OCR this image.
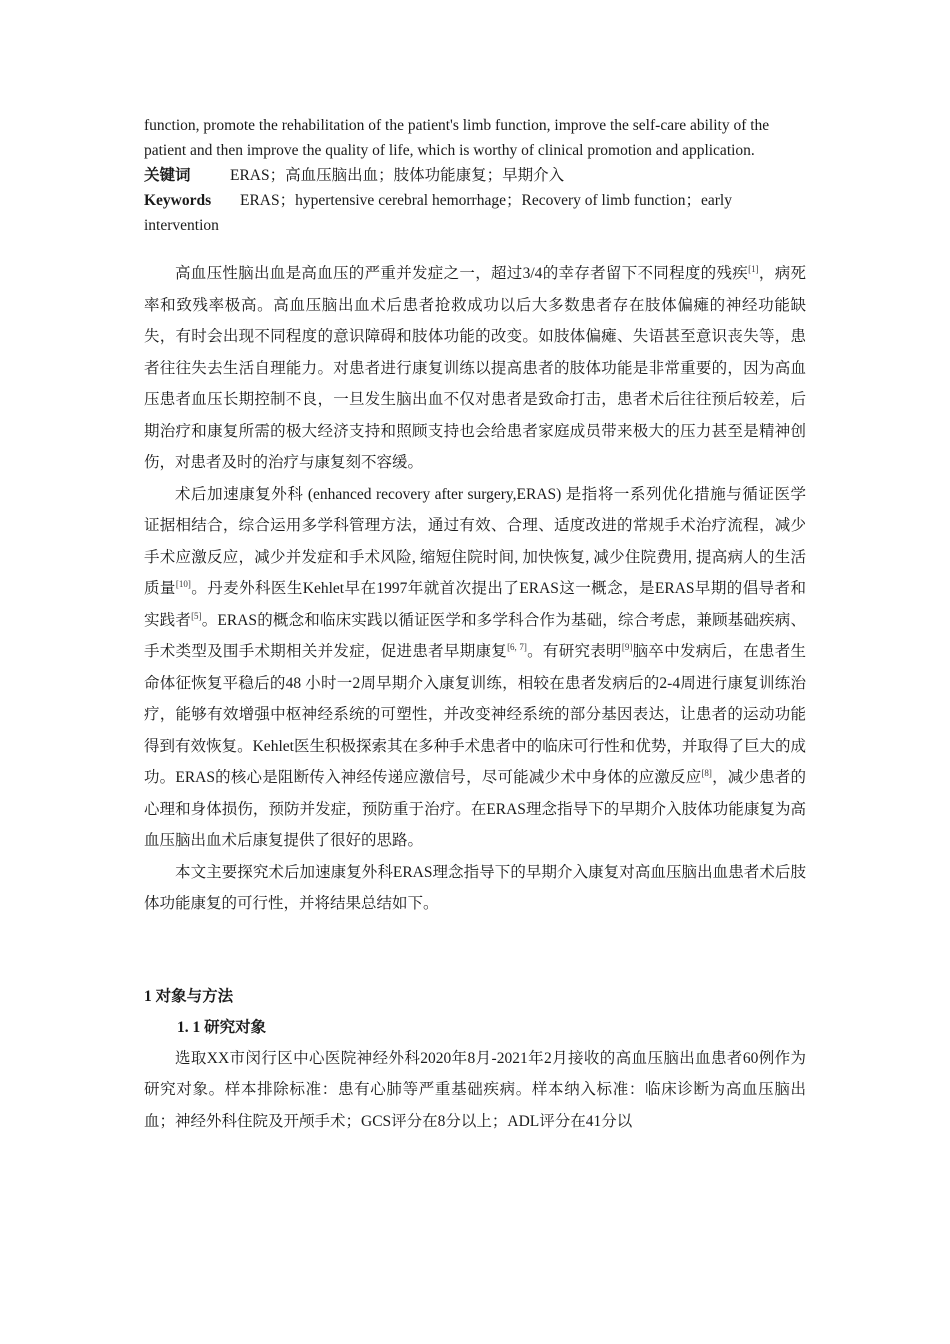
function, promote the rehabilitation of the patient's limb function, improve the self-care ability of the patient and then improve the quality of life, which is worthy of clinical promotion and application.

关键词	ERAS；高血压脑出血；肢体功能康复；早期介入

Keywords ERAS；hypertensive cerebral hemorrhage；Recovery of limb function；early intervention

高血压性脑出血是高血压的严重并发症之一，超过3/4的幸存者留下不同程度的残疾[1]，病死率和致残率极高。高血压脑出血术后患者抢救成功以后大多数患者存在肢体偏瘫的神经功能缺失，有时会出现不同程度的意识障碍和肢体功能的改变。如肢体偏瘫、失语甚至意识丧失等，患者往往失去生活自理能力。对患者进行康复训练以提高患者的肢体功能是非常重要的，因为高血压患者血压长期控制不良，一旦发生脑出血不仅对患者是致命打击，患者术后往往预后较差，后期治疗和康复所需的极大经济支持和照顾支持也会给患者家庭成员带来极大的压力甚至是精神创伤，对患者及时的治疗与康复刻不容缓。

术后加速康复外科 (enhanced recovery after surgery,ERAS) 是指将一系列优化措施与循证医学证据相结合，综合运用多学科管理方法，通过有效、合理、适度改进的常规手术治疗流程，减少手术应激反应，减少并发症和手术风险, 缩短住院时间, 加快恢复, 减少住院费用, 提高病人的生活质量[10]。丹麦外科医生Kehlet早在1997年就首次提出了ERAS这一概念，是ERAS早期的倡导者和实践者[5]。ERAS的概念和临床实践以循证医学和多学科合作为基础，综合考虑，兼顾基础疾病、手术类型及围手术期相关并发症，促进患者早期康复[6, 7]。有研究表明[9]脑卒中发病后，在患者生命体征恢复平稳后的48 小时一2周早期介入康复训练，相较在患者发病后的2-4周进行康复训练治疗，能够有效增强中枢神经系统的可塑性，并改变神经系统的部分基因表达，让患者的运动功能得到有效恢复。Kehlet医生积极探索其在多种手术患者中的临床可行性和优势，并取得了巨大的成功。ERAS的核心是阻断传入神经传递应激信号，尽可能减少术中身体的应激反应[8]，减少患者的心理和身体损伤，预防并发症，预防重于治疗。在ERAS理念指导下的早期介入肢体功能康复为高血压脑出血术后康复提供了很好的思路。

本文主要探究术后加速康复外科ERAS理念指导下的早期介入康复对高血压脑出血患者术后肢体功能康复的可行性，并将结果总结如下。

1 对象与方法

1. 1 研究对象

选取XX市闵行区中心医院神经外科2020年8月-2021年2月接收的高血压脑出血患者60例作为研究对象。样本排除标准：患有心肺等严重基础疾病。样本纳入标准：临床诊断为高血压脑出血；神经外科住院及开颅手术；GCS评分在8分以上；ADL评分在41分以
